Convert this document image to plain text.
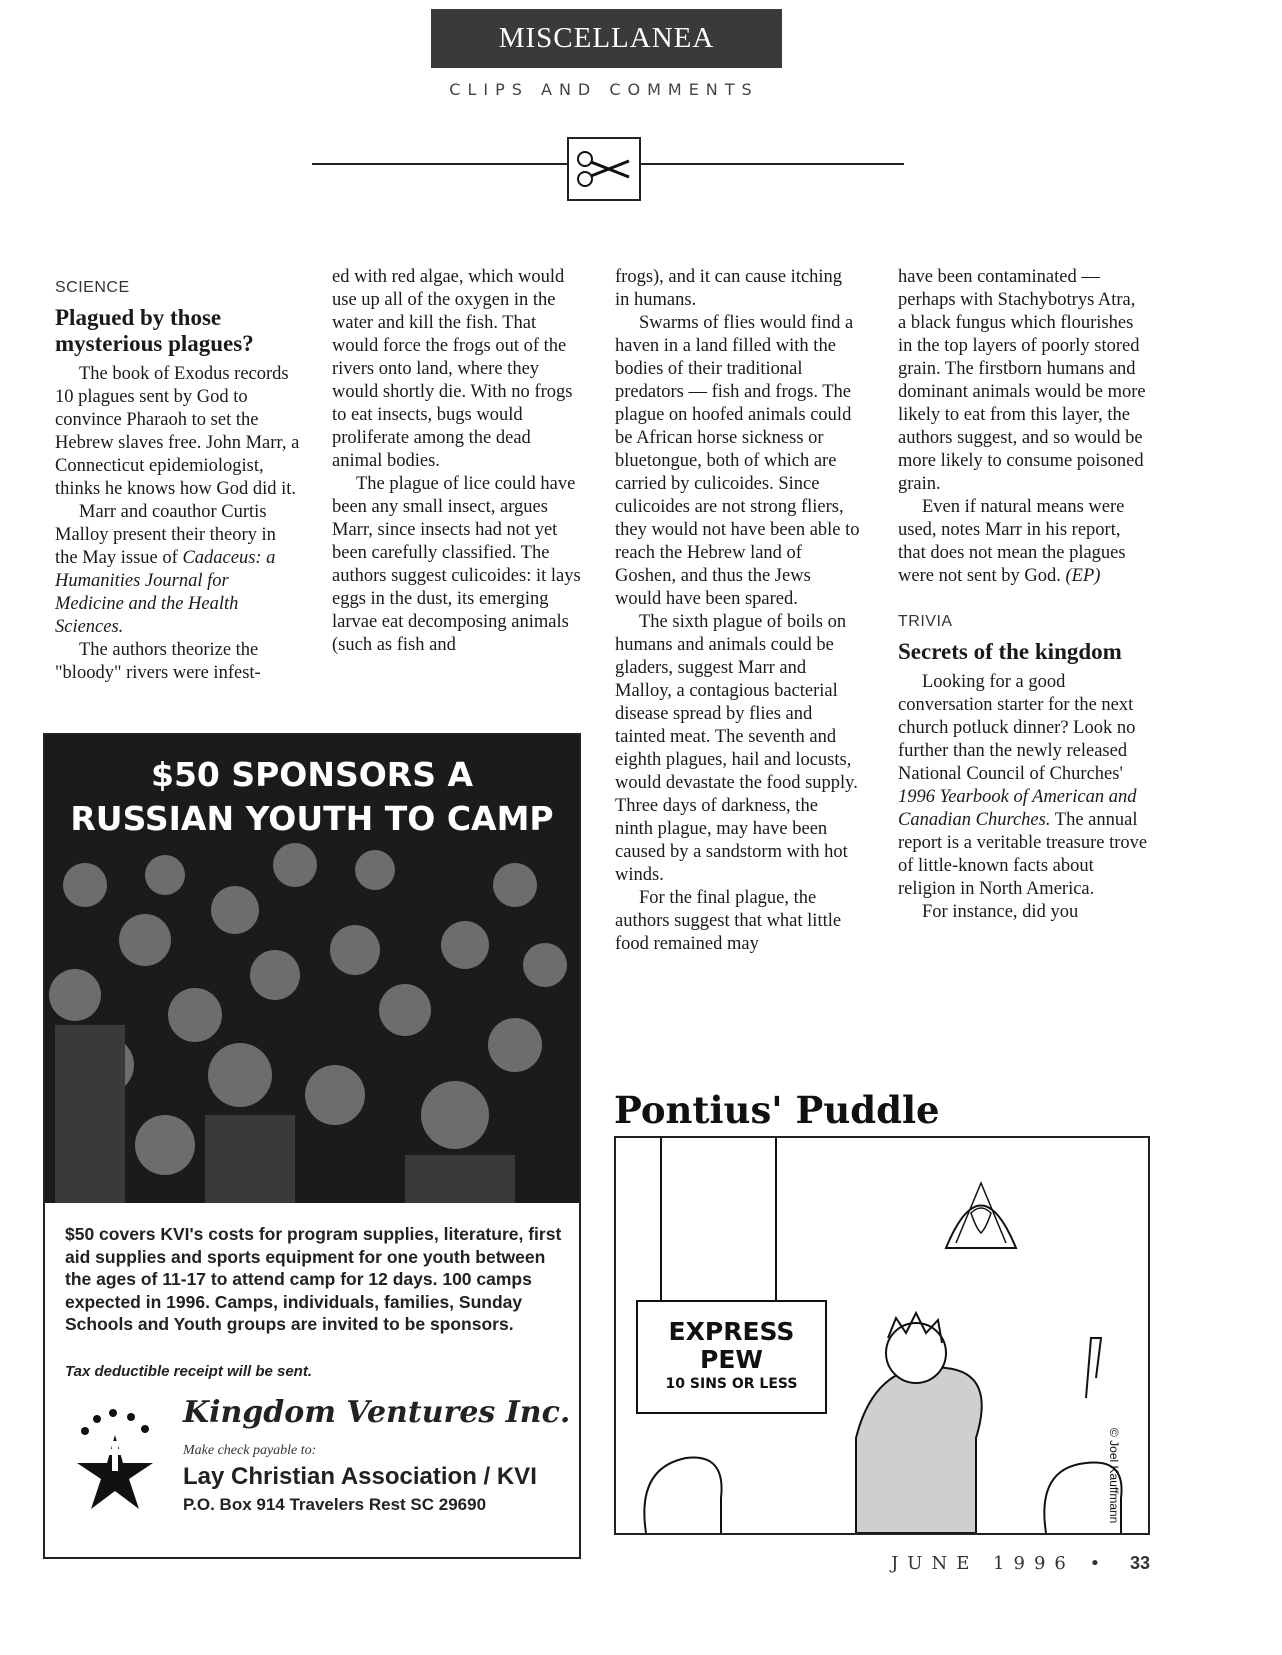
MISCELLANEA
CLIPS AND COMMENTS
SCIENCE
Plagued by those mysterious plagues?

The book of Exodus records 10 plagues sent by God to convince Pharaoh to set the Hebrew slaves free. John Marr, a Connecticut epidemiologist, thinks he knows how God did it.

Marr and coauthor Curtis Malloy present their theory in the May issue of Cadaceus: a Humanities Journal for Medicine and the Health Sciences.

The authors theorize the "bloody" rivers were infest-

ed with red algae, which would use up all of the oxygen in the water and kill the fish. That would force the frogs out of the rivers onto land, where they would shortly die. With no frogs to eat insects, bugs would proliferate among the dead animal bodies.

The plague of lice could have been any small insect, argues Marr, since insects had not yet been carefully classified. The authors suggest culicoides: it lays eggs in the dust, its emerging larvae eat decomposing animals (such as fish and

frogs), and it can cause itching in humans.

Swarms of flies would find a haven in a land filled with the bodies of their traditional predators — fish and frogs. The plague on hoofed animals could be African horse sickness or bluetongue, both of which are carried by culicoides. Since culicoides are not strong fliers, they would not have been able to reach the Hebrew land of Goshen, and thus the Jews would have been spared.

The sixth plague of boils on humans and animals could be gladers, suggest Marr and Malloy, a contagious bacterial disease spread by flies and tainted meat. The seventh and eighth plagues, hail and locusts, would devastate the food supply. Three days of darkness, the ninth plague, may have been caused by a sandstorm with hot winds.

For the final plague, the authors suggest that what little food remained may

have been contaminated — perhaps with Stachybotrys Atra, a black fungus which flourishes in the top layers of poorly stored grain. The firstborn humans and dominant animals would be more likely to eat from this layer, the authors suggest, and so would be more likely to consume poisoned grain.

Even if natural means were used, notes Marr in his report, that does not mean the plagues were not sent by God. (EP)

TRIVIA
Secrets of the kingdom

Looking for a good conversation starter for the next church potluck dinner? Look no further than the newly released National Council of Churches' 1996 Yearbook of American and Canadian Churches. The annual report is a veritable treasure trove of little-known facts about religion in North America.

For instance, did you

$50 SPONSORS A
RUSSIAN YOUTH TO CAMP
$50 covers KVI's costs for program supplies, literature, first aid supplies and sports equipment for one youth between the ages of 11-17 to attend camp for 12 days. 100 camps expected in 1996. Camps, individuals, families, Sunday Schools and Youth groups are invited to be sponsors.
Tax deductible receipt will be sent.
Kingdom Ventures Inc.
Make check payable to:
Lay Christian Association / KVI
P.O. Box 914 Travelers Rest SC 29690
Pontius' Puddle
EXPRESS
PEW
10 SINS OR LESS
© Joel Kauffmann
JUNE 1996 • 33
